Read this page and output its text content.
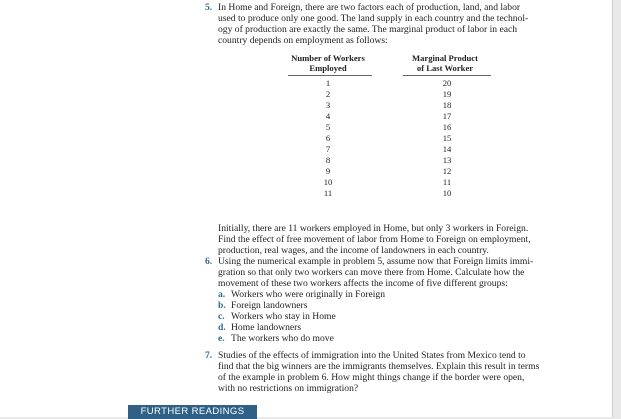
5. In Home and Foreign, there are two factors each of production, land, and labor
used to produce only one good. The land supply in each country and the technol-
ogy of production are exactly the same. The marginal product of labor in each
country depends on employment as follows:
Number of Workers
Employed
Marginal Product
of Last Worker
1	20
2	19
3	18
4	17
5	16
6	15
7	14
8	13
9	12
10	11
11	10
Initially, there are 11 workers employed in Home, but only 3 workers in Foreign.
Find the effect of free movement of labor from Home to Foreign on employment,
production, real wages, and the income of landowners in each country.
6. Using the numerical example in problem 5, assume now that Foreign limits immi-
gration so that only two workers can move there from Home. Calculate how the
movement of these two workers affects the income of five different groups:
a. Workers who were originally in Foreign
b. Foreign landowners
c. Workers who stay in Home
d. Home landowners
e. The workers who do move
7. Studies of the effects of immigration into the United States from Mexico tend to
find that the big winners are the immigrants themselves. Explain this result in terms
of the example in problem 6. How might things change if the border were open,
with no restrictions on immigration?
FURTHER READINGS
